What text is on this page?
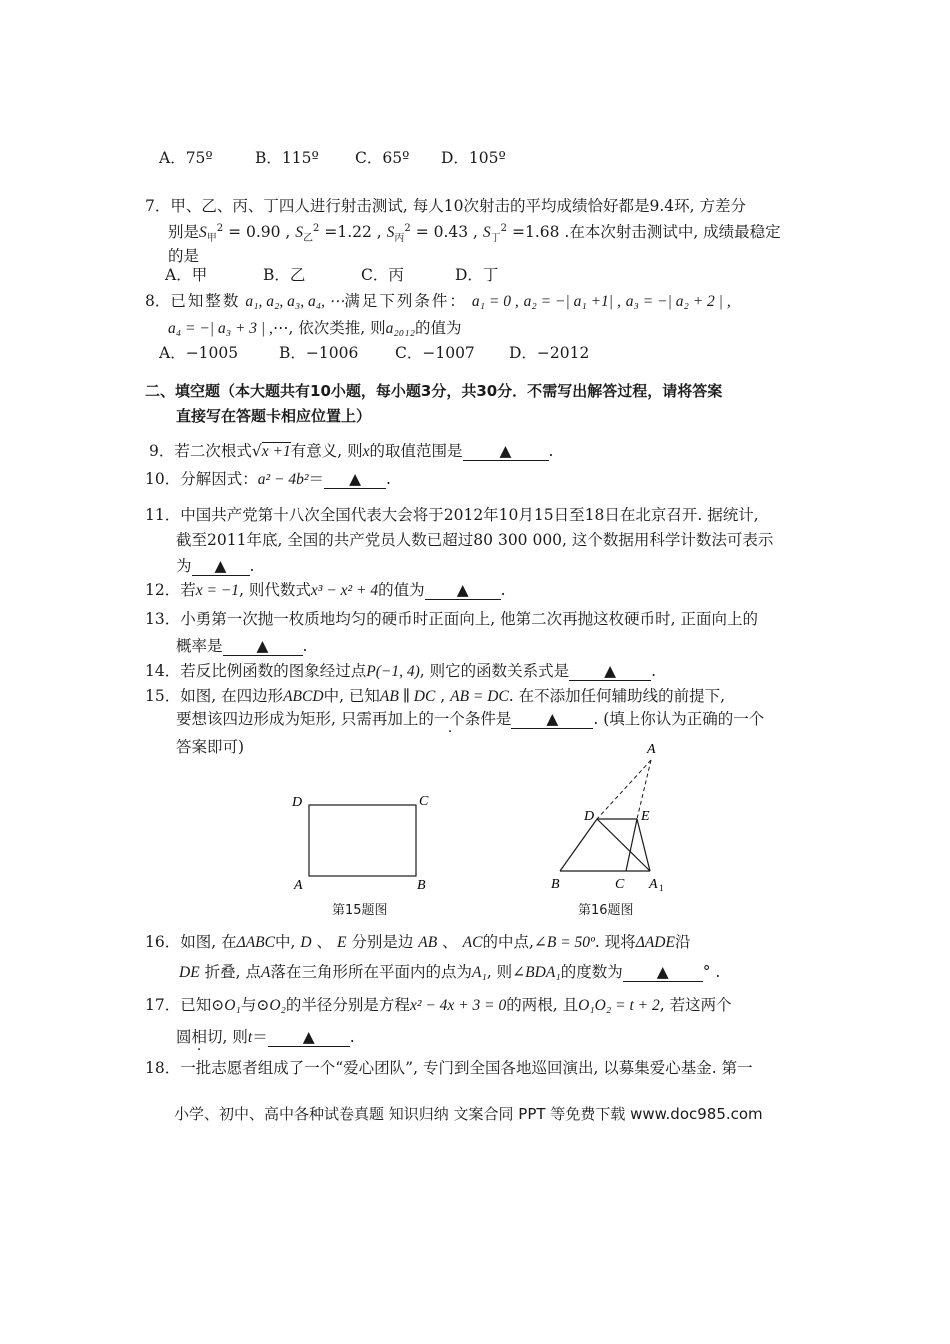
A．75º	B．115º C．65º D．105º
7．甲、乙、丙、丁四人进行射击测试, 每人10次射击的平均成绩恰好都是9.4环, 方差分
别是$S_甲^2 = 0.90$ , $S_乙^2 =1.22$ , $S_丙^2 = 0.43$ , $S_丁^2 =1.68$ .在本次射击测试中, 成绩最稳定
的是
A．甲	B．乙	C．丙	D．丁
8．已知整数 a₁, a₂, a₃, a₄, ⋯满足下列条件： a₁ = 0 , a₂ = −| a₁ +1| , a₃ = −| a₂ + 2 | ,
a₄ = −| a₃ + 3 | ,⋯, 依次类推, 则a₂₀₁₂的值为
A．−1005	B．−1006 C．−1007 D．−2012
二、填空题（本大题共有10小题，每小题3分，共30分．不需写出解答过程，请将答案
直接写在答题卡相应位置上）
9．若二次根式√x +1有意义, 则x的取值范围是 ▲ .
10．分解因式：a² − 4b²＝ ▲ .
11．中国共产党第十八次全国代表大会将于2012年10月15日至18日在北京召开. 据统计,
截至2011年底, 全国的共产党员人数已超过80 300 000, 这个数据用科学计数法可表示
为 ▲ .
12．若x = −1, 则代数式x³ − x² + 4的值为 ▲ .
13．小勇第一次抛一枚质地均匀的硬币时正面向上, 他第二次再抛这枚硬币时, 正面向上的
概率是 ▲ .
14．若反比例函数的图象经过点P(−1, 4), 则它的函数关系式是 ▲ .
15．如图, 在四边形ABCD中, 已知AB ∥ DC , AB = DC. 在不添加任何辅助线的前提下,
要想该四边形成为矩形, 只需再加上的一个条件是 ▲ . (填上你认为正确的一个
答案即可)
D	C
A	B
第15题图
A
D	E
B	C A 1
第16题图
16．如图, 在ΔABC中, D 、 E 分别是边 AB 、 AC的中点,∠B = 50º. 现将ΔADE沿
DE 折叠, 点A落在三角形所在平面内的点为A₁, 则∠BDA₁的度数为 ▲ ° .
17．已知⊙O₁与⊙O₂的半径分别是方程x² − 4x + 3 = 0的两根, 且O₁O₂ = t + 2, 若这两个
圆相切, 则t＝ ▲ .
18．一批志愿者组成了一个“爱心团队”, 专门到全国各地巡回演出, 以募集爱心基金. 第一
小学、初中、高中各种试卷真题 知识归纳 文案合同 PPT 等免费下载 www.doc985.com
